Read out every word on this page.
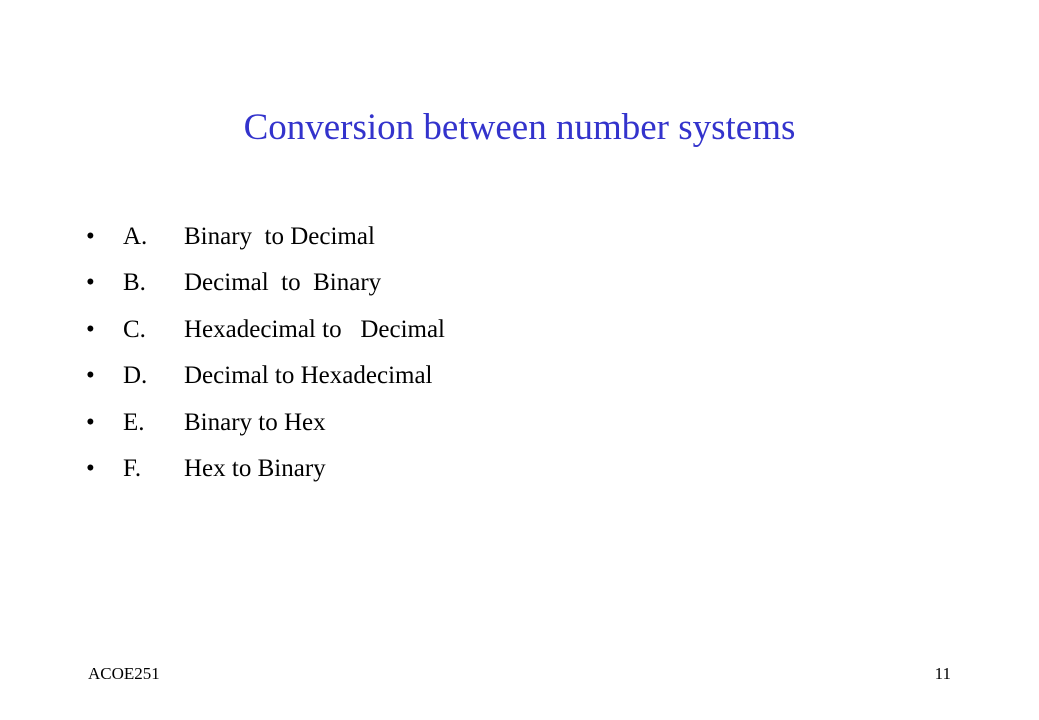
Conversion between number systems

•

	A.

Binary  to Decimal

•

	B.

Decimal  to  Binary

•

	C.

Hexadecimal to   Decimal

•

	D.

Decimal to Hexadecimal

•

	E.

Binary to Hex

•

	F.

Hex to Binary

ACOE251	11
